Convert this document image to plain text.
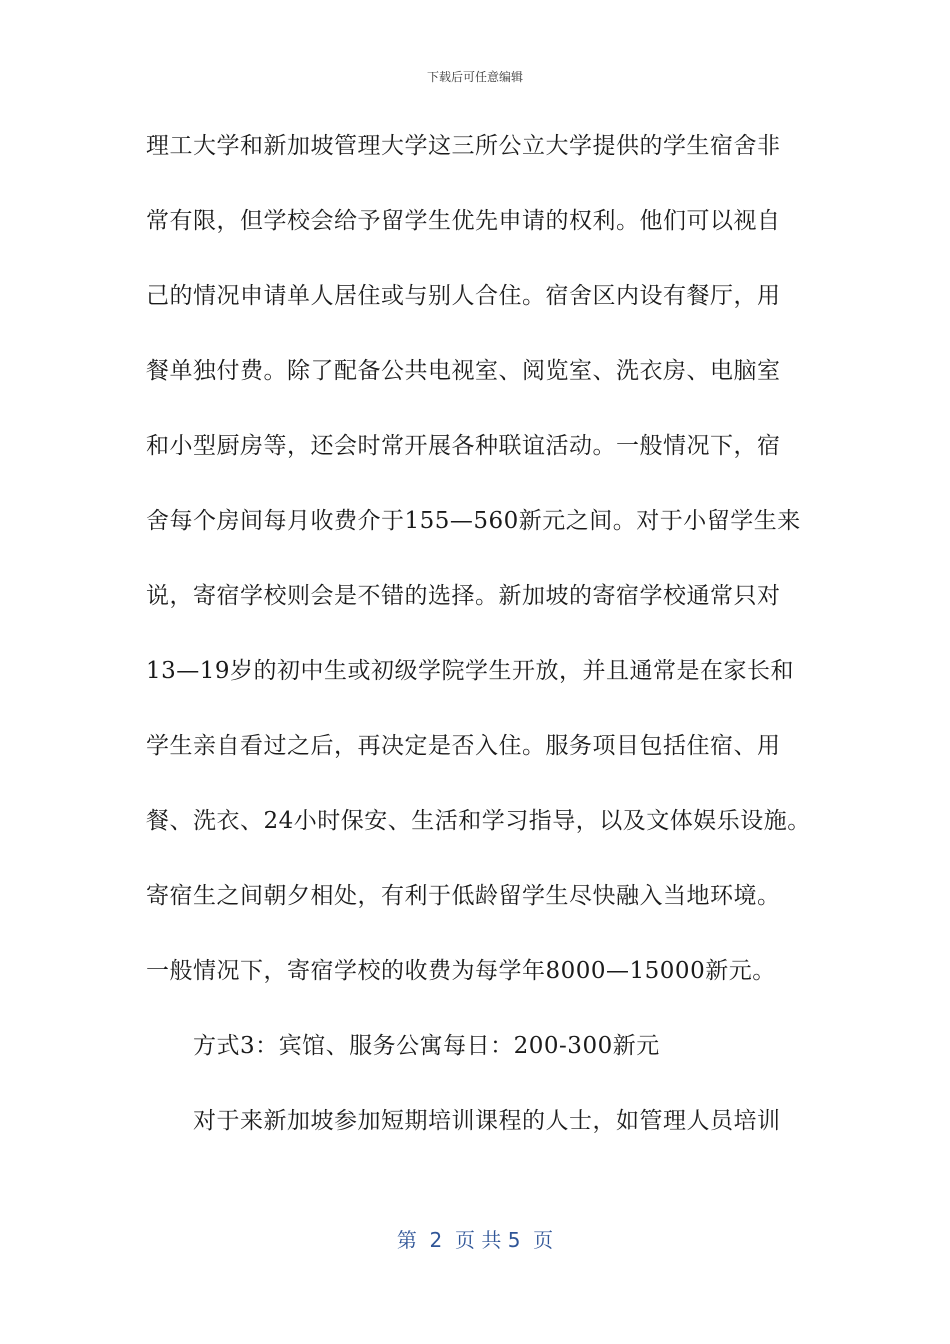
下载后可任意编辑
理工大学和新加坡管理大学这三所公立大学提供的学生宿舍非
常有限，但学校会给予留学生优先申请的权利。他们可以视自
己的情况申请单人居住或与别人合住。宿舍区内设有餐厅，用
餐单独付费。除了配备公共电视室、阅览室、洗衣房、电脑室
和小型厨房等，还会时常开展各种联谊活动。一般情况下，宿
舍每个房间每月收费介于155—560新元之间。对于小留学生来
说，寄宿学校则会是不错的选择。新加坡的寄宿学校通常只对
13—19岁的初中生或初级学院学生开放，并且通常是在家长和
学生亲自看过之后，再决定是否入住。服务项目包括住宿、用
餐、洗衣、24小时保安、生活和学习指导，以及文体娱乐设施。
寄宿生之间朝夕相处，有利于低龄留学生尽快融入当地环境。
一般情况下，寄宿学校的收费为每学年8000—15000新元。
方式3：宾馆、服务公寓每日：200-300新元
对于来新加坡参加短期培训课程的人士，如管理人员培训
第  2  页 共 5  页
